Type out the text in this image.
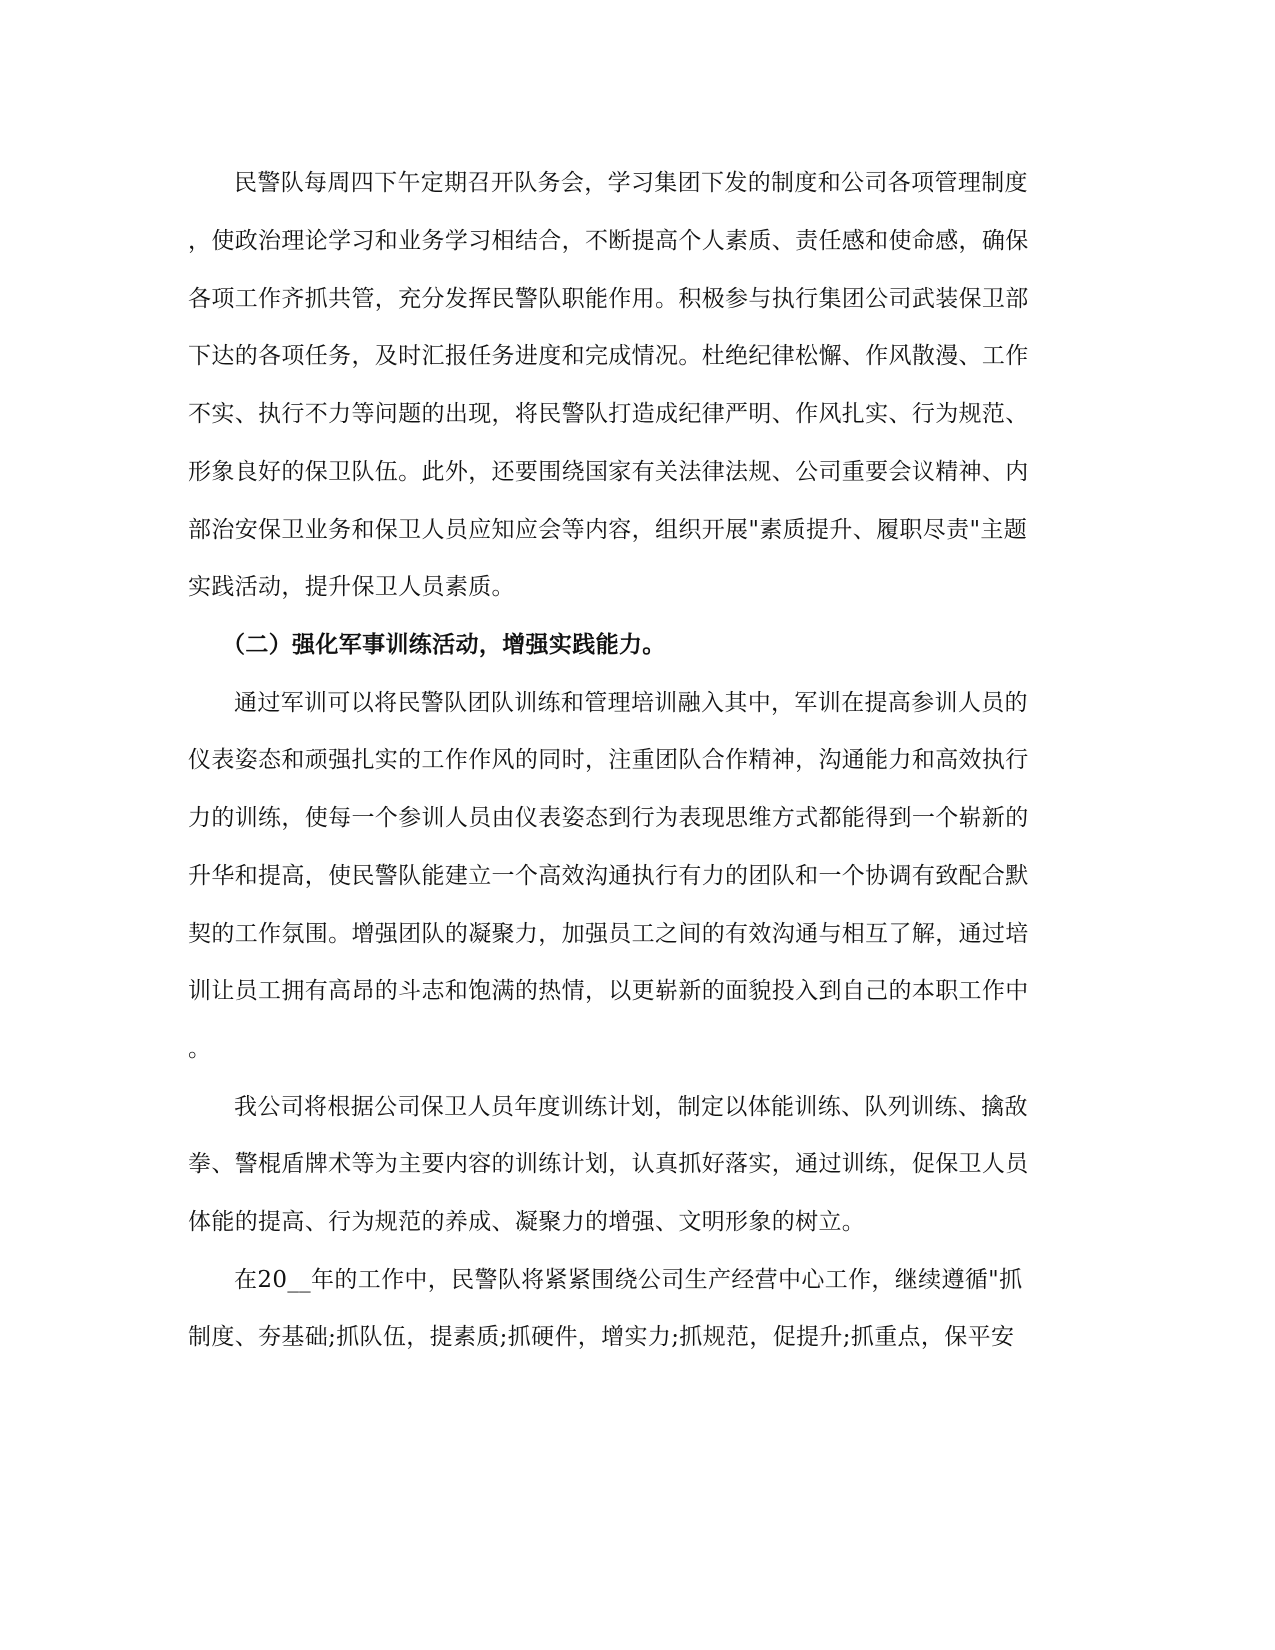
民警队每周四下午定期召开队务会，学习集团下发的制度和公司各项管理制度
，使政治理论学习和业务学习相结合，不断提高个人素质、责任感和使命感，确保
各项工作齐抓共管，充分发挥民警队职能作用。积极参与执行集团公司武装保卫部
下达的各项任务，及时汇报任务进度和完成情况。杜绝纪律松懈、作风散漫、工作
不实、执行不力等问题的出现，将民警队打造成纪律严明、作风扎实、行为规范、
形象良好的保卫队伍。此外，还要围绕国家有关法律法规、公司重要会议精神、内
部治安保卫业务和保卫人员应知应会等内容，组织开展"素质提升、履职尽责"主题
实践活动，提升保卫人员素质。
（二）强化军事训练活动，增强实践能力。
通过军训可以将民警队团队训练和管理培训融入其中，军训在提高参训人员的
仪表姿态和顽强扎实的工作作风的同时，注重团队合作精神，沟通能力和高效执行
力的训练，使每一个参训人员由仪表姿态到行为表现思维方式都能得到一个崭新的
升华和提高，使民警队能建立一个高效沟通执行有力的团队和一个协调有致配合默
契的工作氛围。增强团队的凝聚力，加强员工之间的有效沟通与相互了解，通过培
训让员工拥有高昂的斗志和饱满的热情，以更崭新的面貌投入到自己的本职工作中
。
我公司将根据公司保卫人员年度训练计划，制定以体能训练、队列训练、擒敌
拳、警棍盾牌术等为主要内容的训练计划，认真抓好落实，通过训练，促保卫人员
体能的提高、行为规范的养成、凝聚力的增强、文明形象的树立。
在20__年的工作中，民警队将紧紧围绕公司生产经营中心工作，继续遵循"抓
制度、夯基础;抓队伍，提素质;抓硬件，增实力;抓规范，促提升;抓重点，保平安
